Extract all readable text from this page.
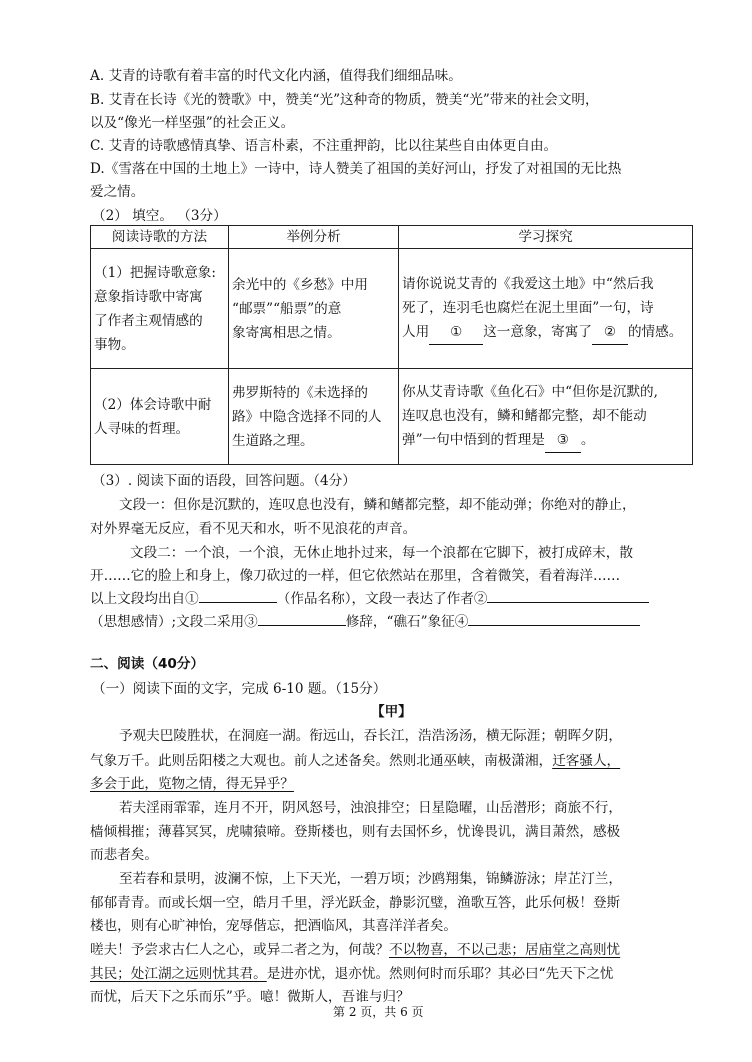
A. 艾青的诗歌有着丰富的时代文化内涵，值得我们细细品味。
B. 艾青在长诗《光的赞歌》中，赞美“光”这种奇的物质，赞美“光”带来的社会文明，
以及“像光一样坚强”的社会正义。
C. 艾青的诗歌感情真挚、语言朴素，不注重押韵，比以往某些自由体更自由。
D.《雪落在中国的土地上》一诗中，诗人赞美了祖国的美好河山，抒发了对祖国的无比热
爱之情。
（2） 填空。 （3分）
阅读诗歌的方法	举例分析	学习探究

（1）把握诗歌意象:
意象指诗歌中寄寓
了作者主观情感的
事物。	余光中的《乡愁》中用
“邮票”“船票”的意
象寄寓相思之情。	请你说说艾青的《我爱这土地》中“然后我
死了，连羽毛也腐烂在泥土里面”一句，诗
人用 ① 这一意象，寄寓了 ② 的情感。

（2）体会诗歌中耐
人寻味的哲理。	弗罗斯特的《未选择的
路》中隐含选择不同的人
生道路之理。	你从艾青诗歌《鱼化石》中“但你是沉默的,
连叹息也没有，鳞和鳍都完整，却不能动
弹”一句中悟到的哲理是 ③ 。
（3）. 阅读下面的语段，回答问题。（4分）
文段一：但你是沉默的，连叹息也没有，鳞和鳍都完整，却不能动弹；你绝对的静止，
对外界毫无反应，看不见天和水，听不见浪花的声音。
文段二：一个浪，一个浪，无休止地扑过来，每一个浪都在它脚下，被打成碎末，散
开……它的脸上和身上，像刀砍过的一样，但它依然站在那里，含着微笑，看着海洋……
以上文段均出自①	（作品名称），文段一表达了作者②
（思想感情）;文段二采用③	修辞，“礁石”象征④
二、阅读（40分）
（一）阅读下面的文字，完成 6-10 题。（15分）
【甲】
予观夫巴陵胜状，在洞庭一湖。衔远山，吞长江，浩浩汤汤，横无际涯；朝晖夕阴，
气象万千。此则岳阳楼之大观也。前人之述备矣。然则北通巫峡，南极潇湘，迁客骚人，
多会于此，览物之情，得无异乎？
若夫淫雨霏霏，连月不开，阴风怒号，浊浪排空；日星隐曜，山岳潜形；商旅不行，
樯倾楫摧；薄暮冥冥，虎啸猿啼。登斯楼也，则有去国怀乡，忧谗畏讥，满目萧然，感极
而悲者矣。
至若春和景明，波澜不惊，上下天光，一碧万顷；沙鸥翔集，锦鳞游泳；岸芷汀兰，
郁郁青青。而或长烟一空，皓月千里，浮光跃金，静影沉璧，渔歌互答，此乐何极！登斯
楼也，则有心旷神怡，宠辱偕忘，把酒临风，其喜洋洋者矣。
嗟夫！予尝求古仁人之心，或异二者之为，何哉？不以物喜，不以己悲；居庙堂之高则忧
其民；处江湖之远则忧其君。是进亦忧，退亦忧。然则何时而乐耶？其必曰“先天下之忧
而忧，后天下之乐而乐”乎。噫！微斯人，吾谁与归？
第 2 页，共 6 页
